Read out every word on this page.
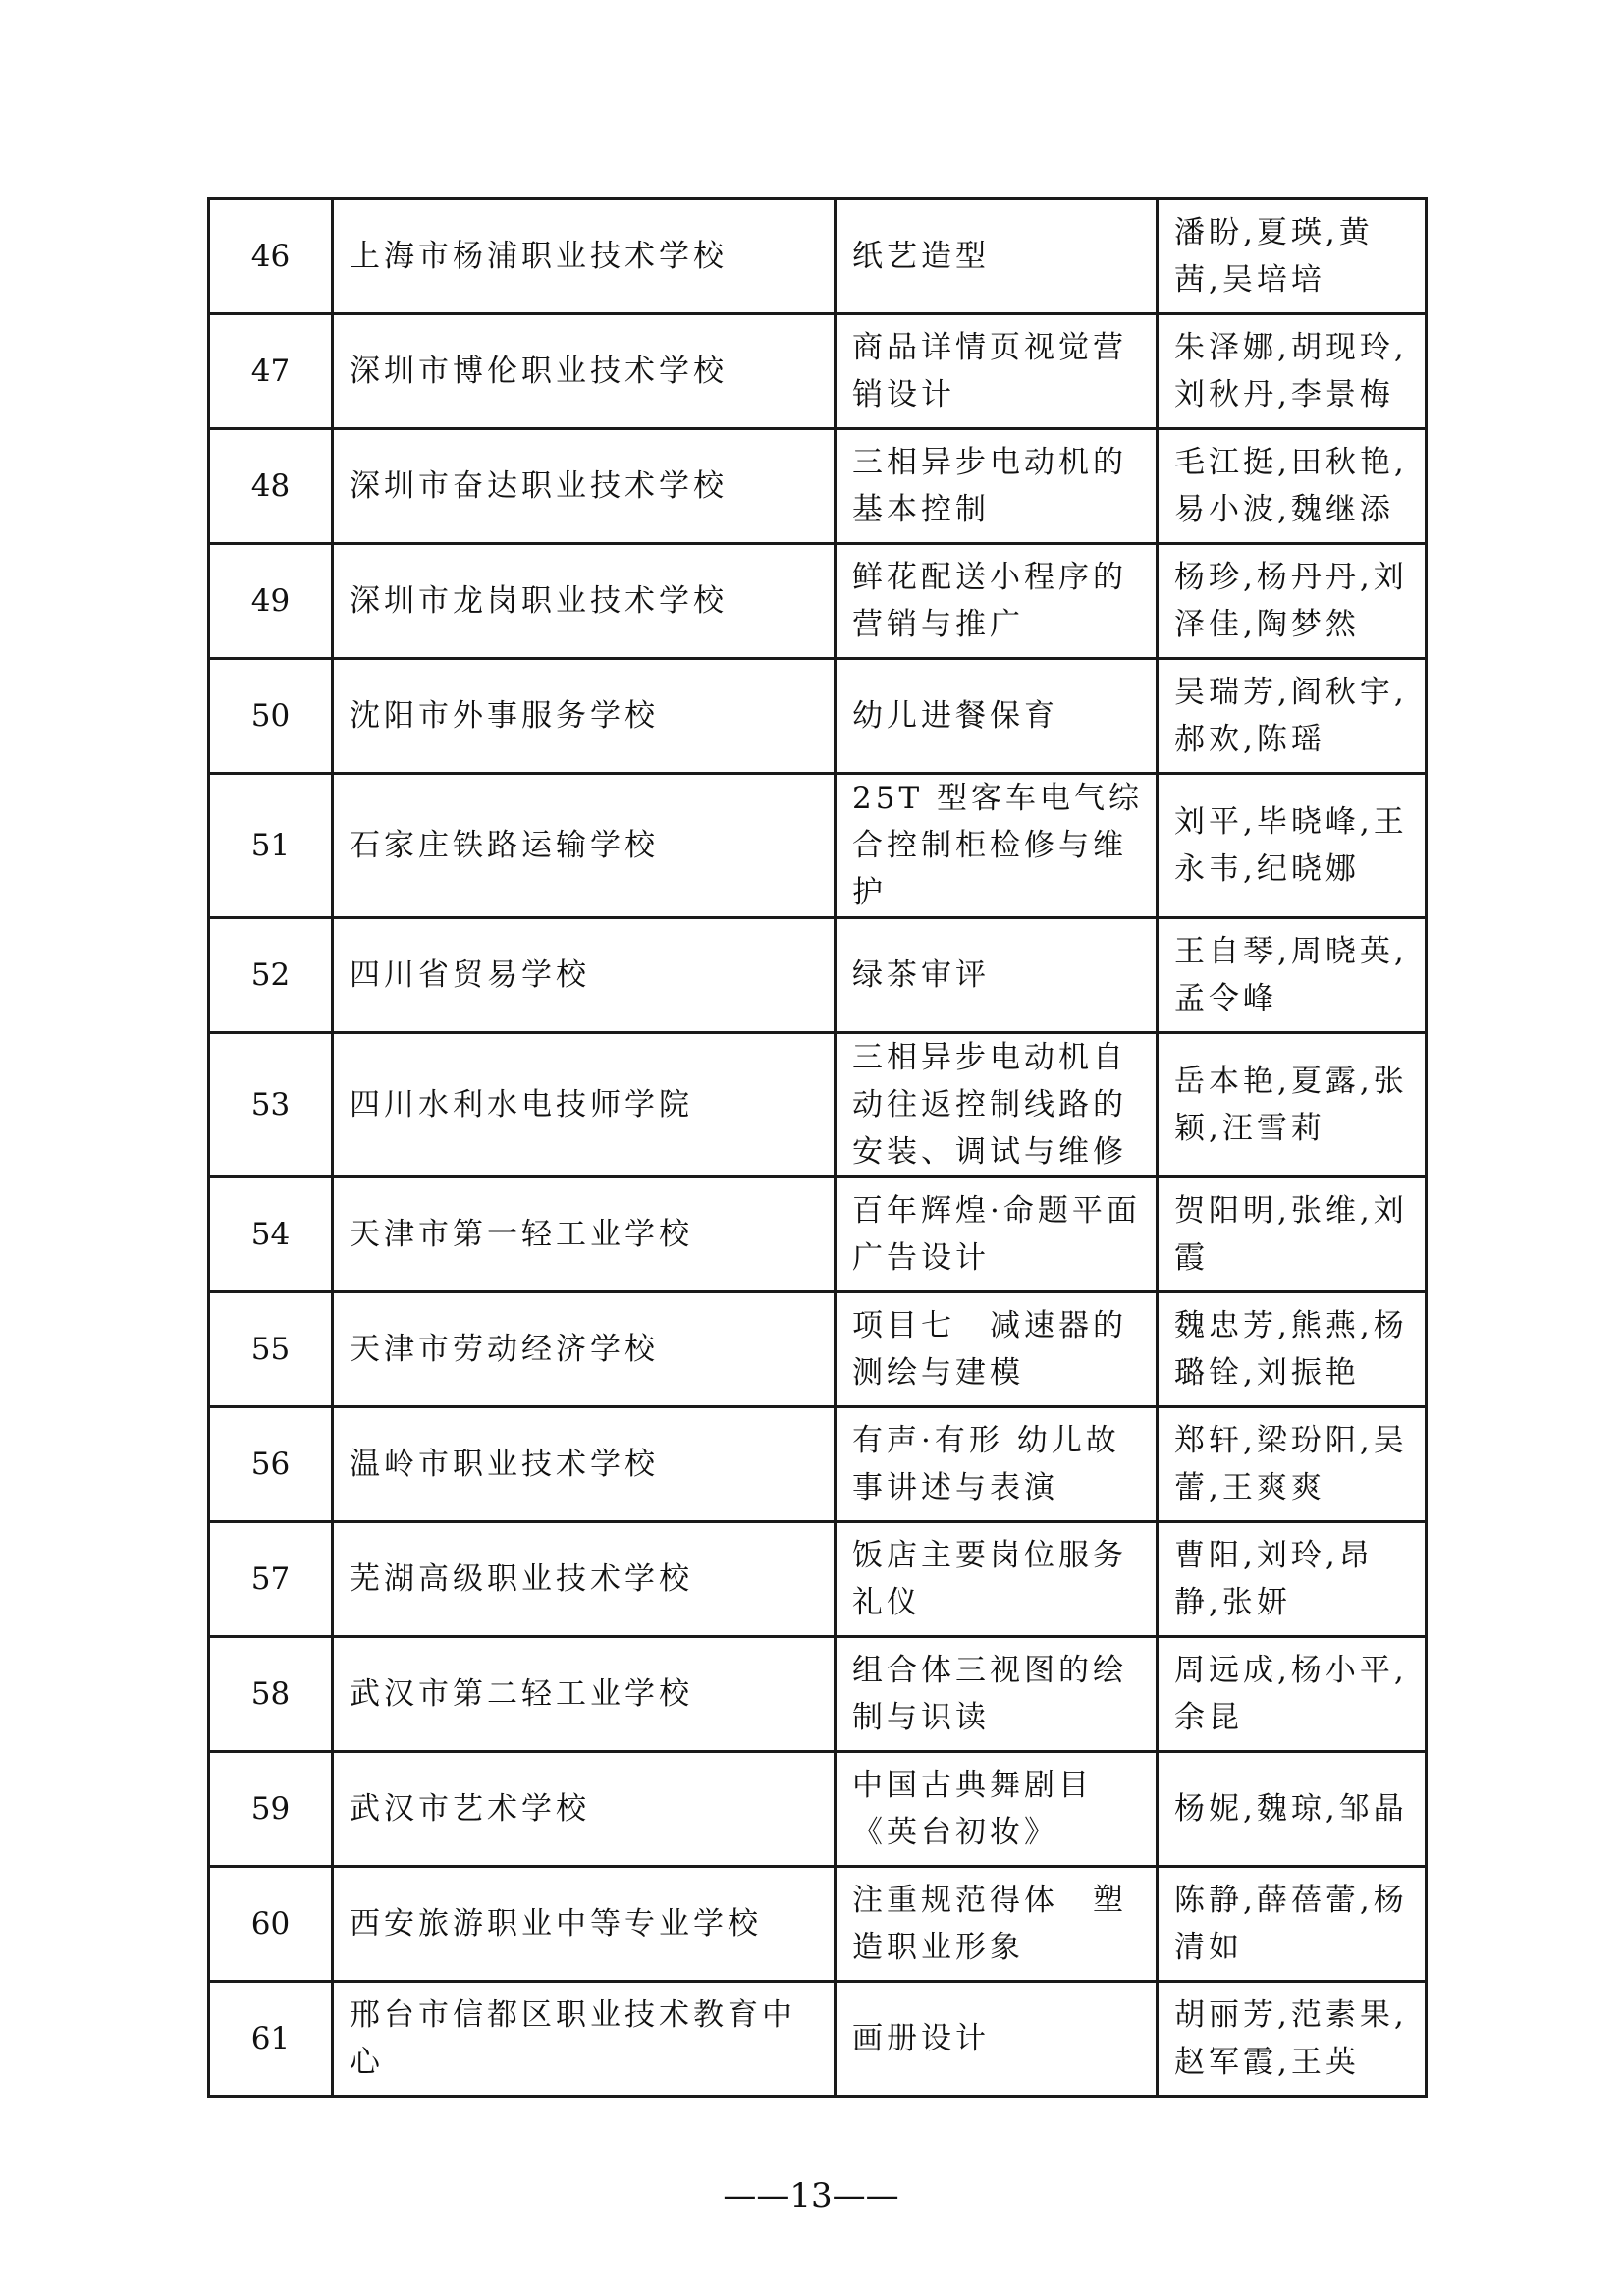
46	上海市杨浦职业技术学校	纸艺造型	潘盼,夏瑛,黄茜,吴培培
47	深圳市博伦职业技术学校	商品详情页视觉营销设计	朱泽娜,胡现玲,刘秋丹,李景梅
48	深圳市奋达职业技术学校	三相异步电动机的基本控制	毛江挺,田秋艳,易小波,魏继添
49	深圳市龙岗职业技术学校	鲜花配送小程序的营销与推广	杨珍,杨丹丹,刘泽佳,陶梦然
50	沈阳市外事服务学校	幼儿进餐保育	吴瑞芳,阎秋宇,郝欢,陈瑶
51	石家庄铁路运输学校	25T 型客车电气综合控制柜检修与维护	刘平,毕晓峰,王永韦,纪晓娜
52	四川省贸易学校	绿茶审评	王自琴,周晓英,孟令峰
53	四川水利水电技师学院	三相异步电动机自动往返控制线路的安装、调试与维修	岳本艳,夏露,张颖,汪雪莉
54	天津市第一轻工业学校	百年辉煌·命题平面广告设计	贺阳明,张维,刘霞
55	天津市劳动经济学校	项目七　减速器的测绘与建模	魏忠芳,熊燕,杨璐铨,刘振艳
56	温岭市职业技术学校	有声·有形 幼儿故事讲述与表演	郑轩,梁玢阳,吴蕾,王爽爽
57	芜湖高级职业技术学校	饭店主要岗位服务礼仪	曹阳,刘玲,昂静,张妍
58	武汉市第二轻工业学校	组合体三视图的绘制与识读	周远成,杨小平,余昆
59	武汉市艺术学校	中国古典舞剧目《英台初妆》	杨妮,魏琼,邹晶
60	西安旅游职业中等专业学校	注重规范得体　塑造职业形象	陈静,薛蓓蕾,杨清如
61	邢台市信都区职业技术教育中心	画册设计	胡丽芳,范素果,赵军霞,王英
——13——
